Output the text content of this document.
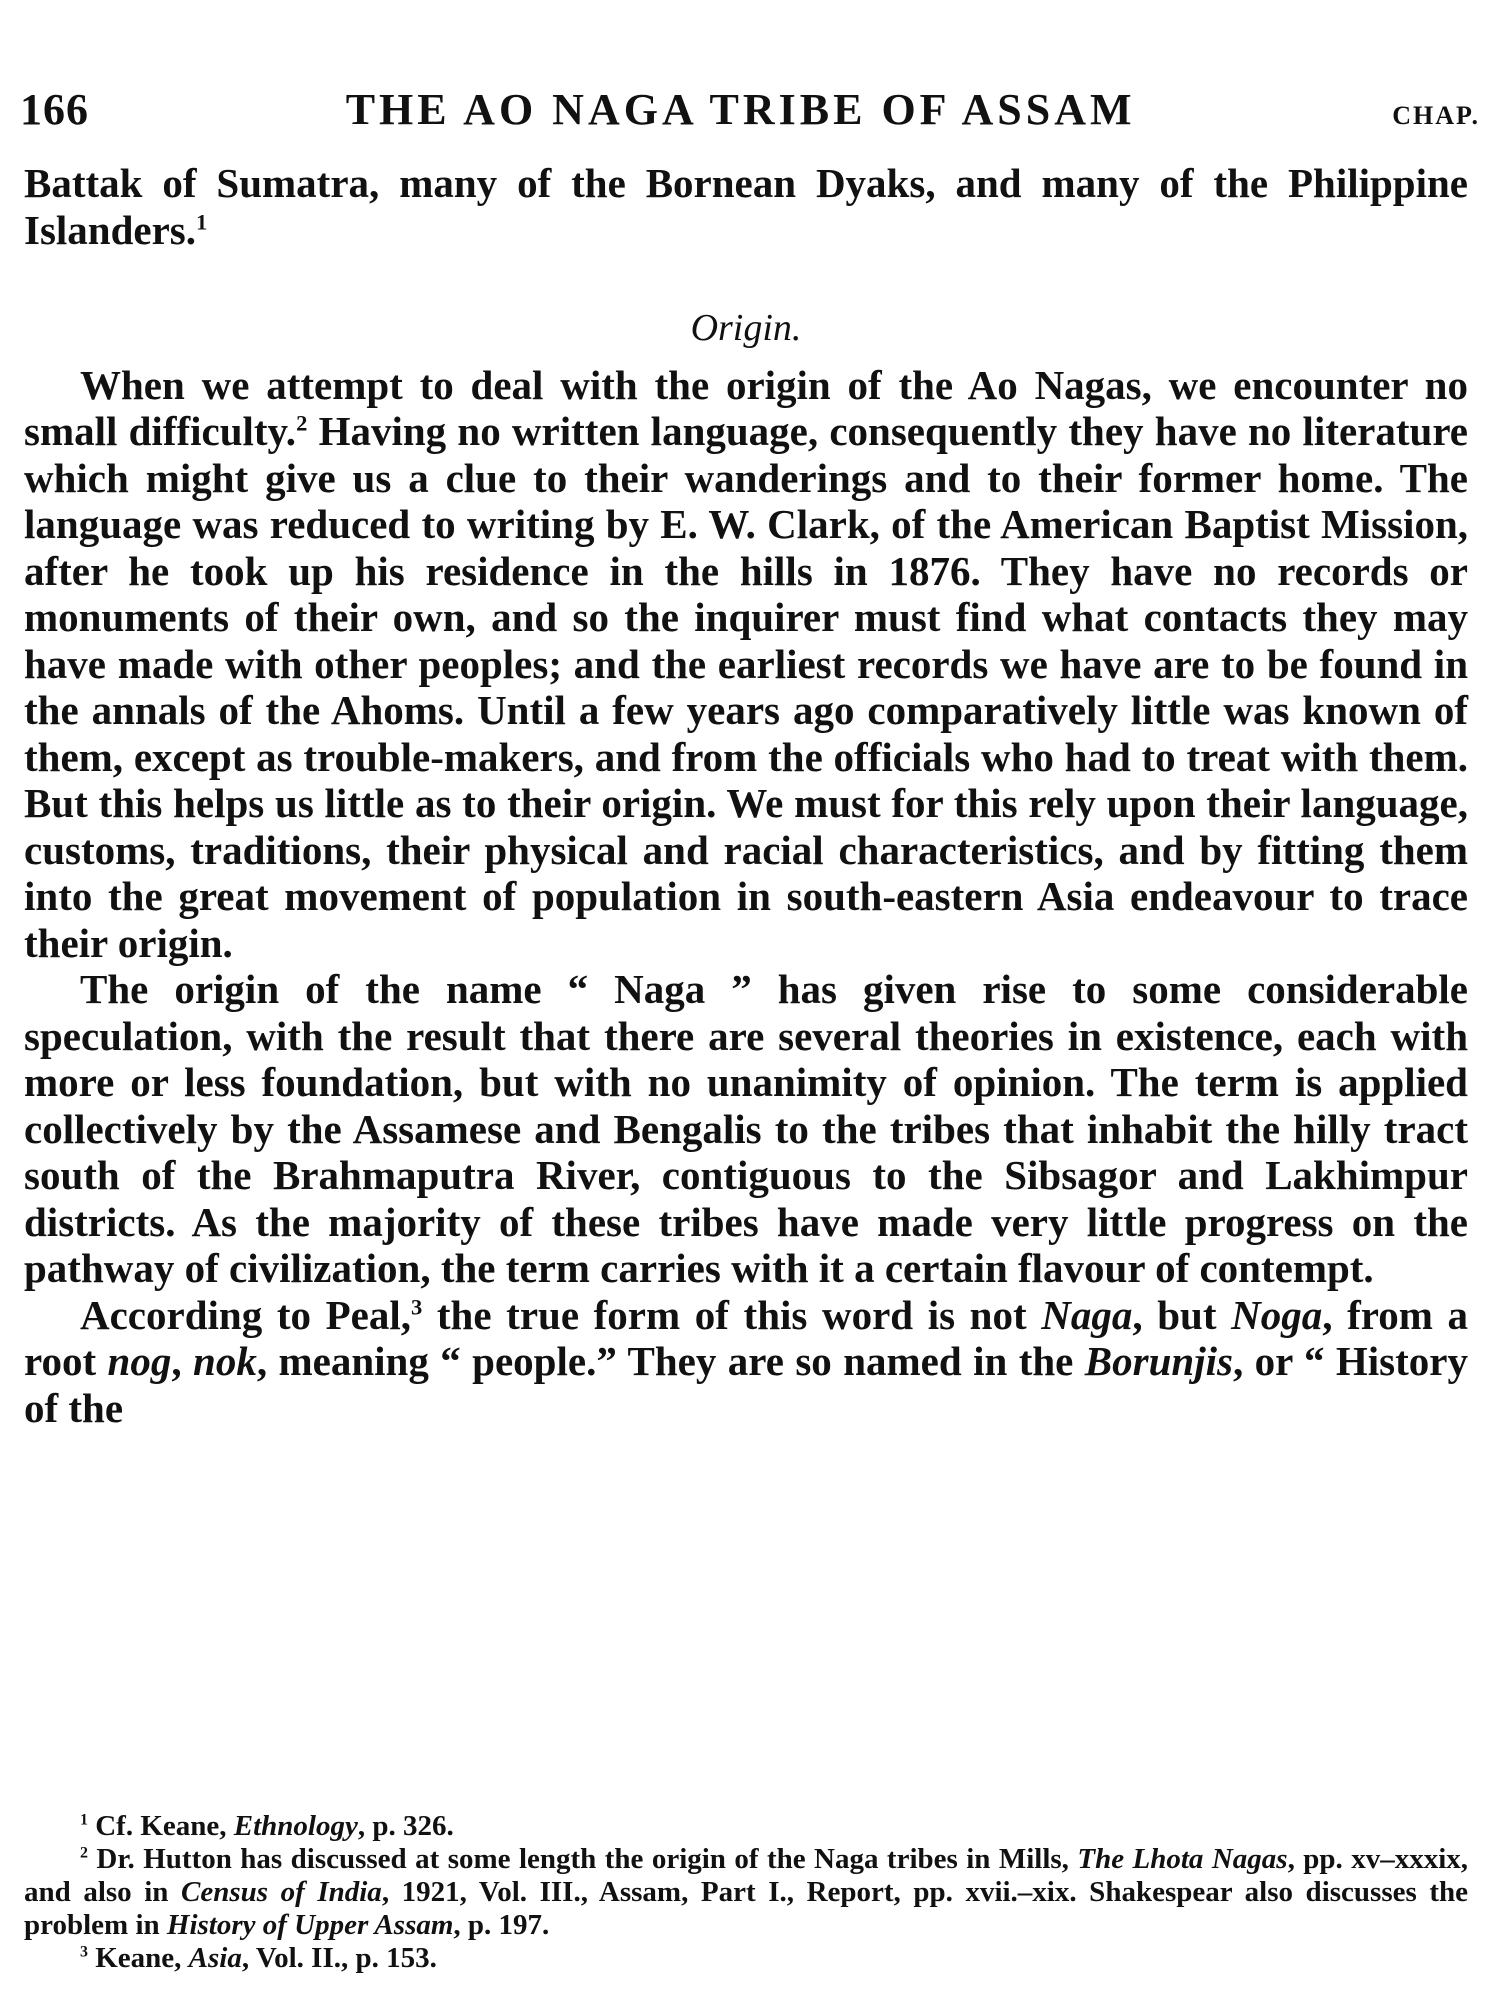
166	THE AO NAGA TRIBE OF ASSAM	CHAP.

Battak of Sumatra, many of the Bornean Dyaks, and many of the Philippine Islanders.$^1$

Origin.

When we attempt to deal with the origin of the Ao Nagas, we encounter no small difficulty.$^2$ Having no written language, consequently they have no literature which might give us a clue to their wanderings and to their former home. The language was reduced to writing by E. W. Clark, of the American Baptist Mission, after he took up his residence in the hills in 1876. They have no records or monuments of their own, and so the inquirer must find what contacts they may have made with other peoples; and the earliest records we have are to be found in the annals of the Ahoms. Until a few years ago comparatively little was known of them, except as trouble-makers, and from the officials who had to treat with them. But this helps us little as to their origin. We must for this rely upon their language, customs, traditions, their physical and racial characteristics, and by fitting them into the great movement of population in south-eastern Asia endeavour to trace their origin.

The origin of the name “ Naga ” has given rise to some considerable speculation, with the result that there are several theories in existence, each with more or less foundation, but with no unanimity of opinion. The term is applied collectively by the Assamese and Bengalis to the tribes that inhabit the hilly tract south of the Brahmaputra River, contiguous to the Sibsagor and Lakhimpur districts. As the majority of these tribes have made very little progress on the pathway of civilization, the term carries with it a certain flavour of contempt.

According to Peal,$^3$ the true form of this word is not Naga, but Noga, from a root nog, nok, meaning “ people.” They are so named in the Borunjis, or “ History of the

$^1$ Cf. Keane, Ethnology, p. 326.

$^2$ Dr. Hutton has discussed at some length the origin of the Naga tribes in Mills, The Lhota Nagas, pp. xv–xxxix, and also in Census of India, 1921, Vol. III., Assam, Part I., Report, pp. xvii.–xix. Shakespear also discusses the problem in History of Upper Assam, p. 197.

$^3$ Keane, Asia, Vol. II., p. 153.
